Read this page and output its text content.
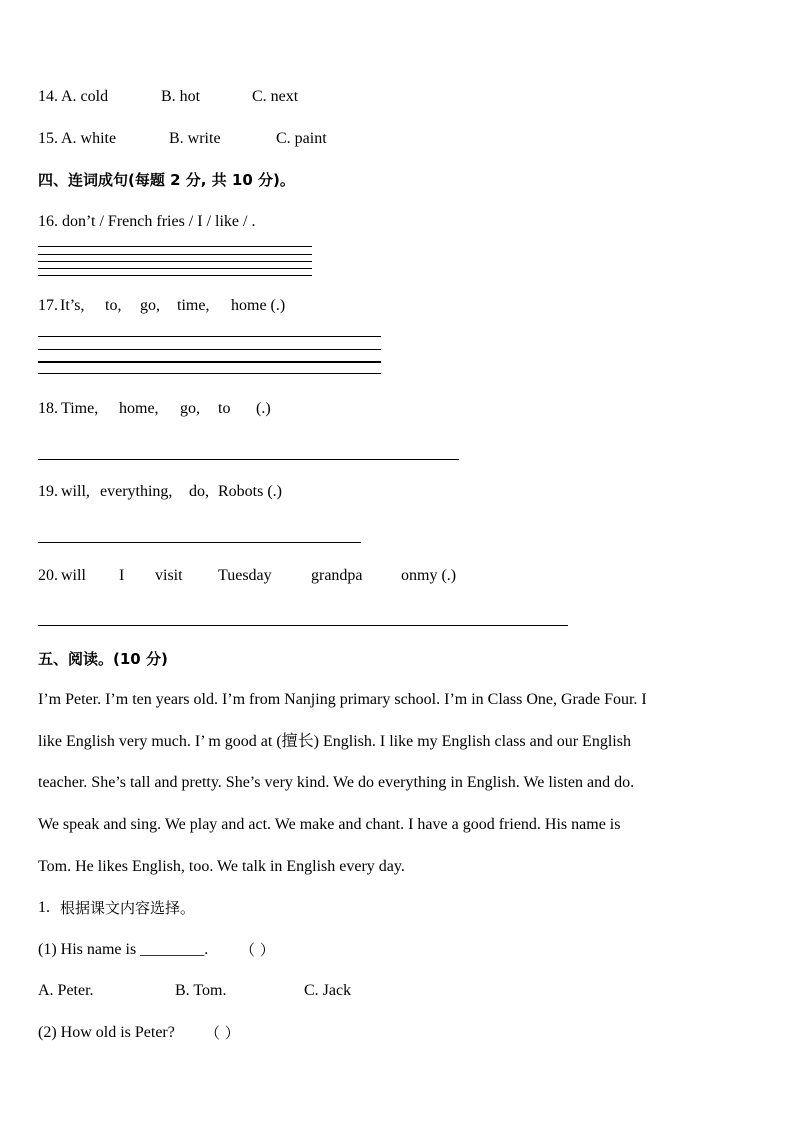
14. A. cold	B. hot	C. next
15. A. white	B. write	C. paint
四、连词成句(每题 2 分, 共 10 分)。
16. don’t / French fries / I / like / .
17. It’s, to, go, time, home (.)
18. Time, home, go, to (.)
19. will, everything, do, Robots (.)
20. will I visit Tuesday grandpa onmy (.)
五、阅读。(10 分)
I’m Peter. I’m ten years old. I’m from Nanjing primary school. I’m in Class One, Grade Four. I
like English very much. I’ m good at (擅长) English. I like my English class and our English
teacher. She’s tall and pretty. She’s very kind. We do everything in English. We listen and do.
We speak and sing. We play and act. We make and chant. I have a good friend. His name is
Tom. He likes English, too. We talk in English every day.
1. 根据课文内容选择。
(1) His name is ________. （ ）
A. Peter.	B. Tom.	C. Jack
(2) How old is Peter? （ ）
